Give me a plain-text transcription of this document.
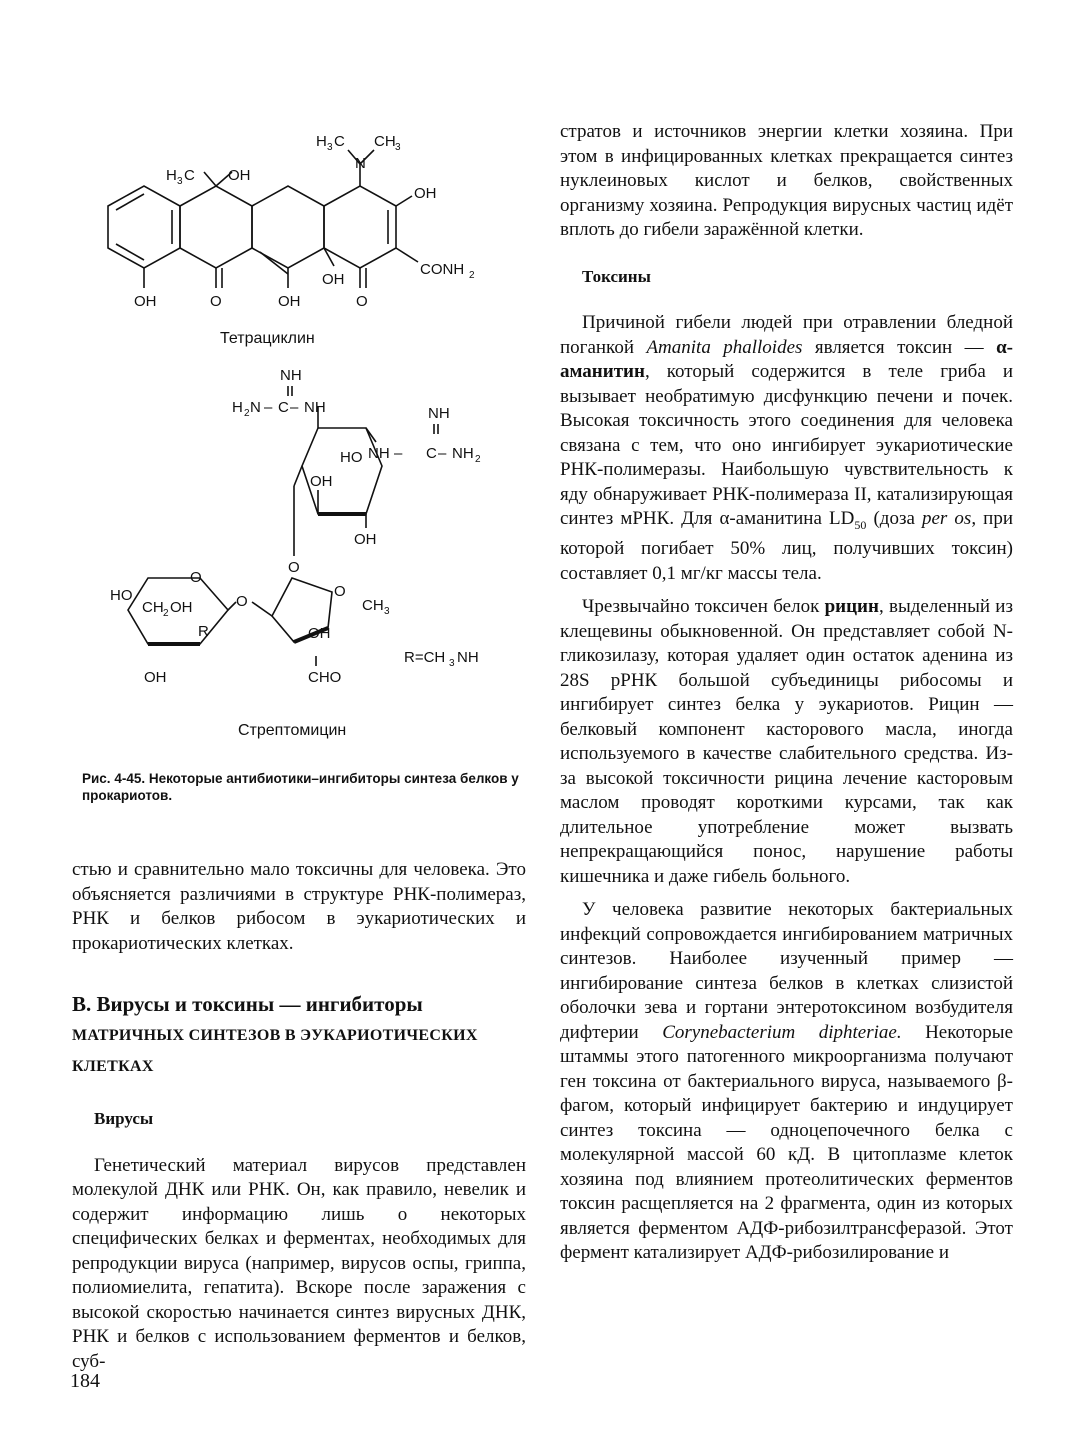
H 3 C OH
H 3 C CH 3
N
OH
CONH 2
OH	O	OH
OH
O
Тетрациклин
NH
H 2 N – C – NH	NH
NH – C – NH 2
HO
OH
OH
O
O
CH 3
OH
CHO
O
HO
CH 2 OH
R
OH
O
R=CH 3 NH
Стрептомицин
Рис. 4-45. Некоторые антибиотики–ингибиторы синтеза белков у прокариотов.

стью и сравнительно мало токсичны для человека. Это объясняется различиями в структуре РНК-полимераз, РНК и белков рибосом в эукариотических и прокариотических клетках.

В. Вирусы и токсины — ингибиторы МАТРИЧНЫХ СИНТЕЗОВ В ЭУКАРИОТИЧЕСКИХ КЛЕТКАХ

Вирусы

Генетический материал вирусов представлен молекулой ДНК или РНК. Он, как правило, невелик и содержит информацию лишь о некоторых специфических белках и ферментах, необходимых для репродукции вируса (например, вирусов оспы, гриппа, полиомиелита, гепатита). Вскоре после заражения с высокой скоростью начинается синтез вирусных ДНК, РНК и белков с использованием ферментов и белков, суб-

стратов и источников энергии клетки хозяина. При этом в инфицированных клетках прекращается синтез нуклеиновых кислот и белков, свойственных организму хозяина. Репродукция вирусных частиц идёт вплоть до гибели заражённой клетки.

Токсины

Причиной гибели людей при отравлении бледной поганкой Amanita phalloides является токсин — α-аманитин, который содержится в теле гриба и вызывает необратимую дисфункцию печени и почек. Высокая токсичность этого соединения для человека связана с тем, что оно ингибирует эукариотические РНК-полимеразы. Наибольшую чувствительность к яду обнаруживает РНК-полимераза II, катализирующая синтез мРНК. Для α-аманитина $LD_{50}$ (доза per os, при которой погибает 50% лиц, получивших токсин) составляет 0,1 мг/кг массы тела.

Чрезвычайно токсичен белок рицин, выделенный из клещевины обыкновенной. Он представляет собой N-гликозилазу, которая удаляет один остаток аденина из 28S рРНК большой субъединицы рибосомы и ингибирует синтез белка у эукариотов. Рицин — белковый компонент касторового масла, иногда используемого в качестве слабительного средства. Из-за высокой токсичности рицина лечение касторовым маслом проводят короткими курсами, так как длительное употребление может вызвать непрекращающийся понос, нарушение работы кишечника и даже гибель больного.

У человека развитие некоторых бактериальных инфекций сопровождается ингибированием матричных синтезов. Наиболее изученный пример — ингибирование синтеза белков в клетках слизистой оболочки зева и гортани энтеротоксином возбудителя дифтерии Corynebacterium diphteriae. Некоторые штаммы этого патогенного микроорганизма получают ген токсина от бактериального вируса, называемого β-фагом, который инфицирует бактерию и индуцирует синтез токсина — одноцепочечного белка с молекулярной массой 60 кД. В цитоплазме клеток хозяина под влиянием протеолитических ферментов токсин расщепляется на 2 фрагмента, один из которых является ферментом АДФ-рибозилтрансферазой. Этот фермент катализирует АДФ-рибозилирование и

184
